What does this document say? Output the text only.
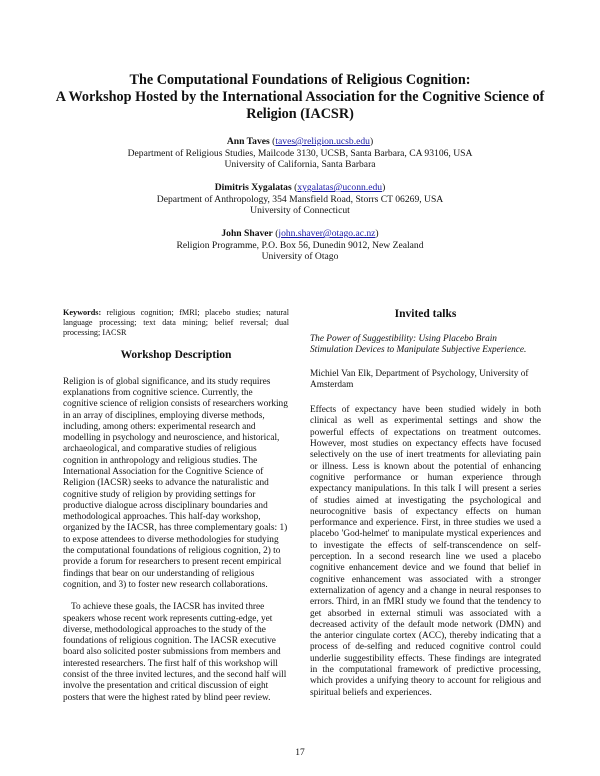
The Computational Foundations of Religious Cognition:
A Workshop Hosted by the International Association for the Cognitive Science of
Religion (IACSR)
Ann Taves (taves@religion.ucsb.edu)
Department of Religious Studies, Mailcode 3130, UCSB, Santa Barbara, CA 93106, USA
University of California, Santa Barbara
Dimitris Xygalatas (xygalatas@uconn.edu)
Department of Anthropology, 354 Mansfield Road, Storrs CT 06269, USA
University of Connecticut
John Shaver (john.shaver@otago.ac.nz)
Religion Programme, P.O. Box 56, Dunedin 9012, New Zealand
University of Otago
Keywords: religious cognition; fMRI; placebo studies; natural language processing; text data mining; belief reversal; dual processing; IACSR
Workshop Description

Religion is of global significance, and its study requires explanations from cognitive science. Currently, the cognitive science of religion consists of researchers working in an array of disciplines, employing diverse methods, including, among others: experimental research and modelling in psychology and neuroscience, and historical, archaeological, and comparative studies of religious cognition in anthropology and religious studies. The International Association for the Cognitive Science of Religion (IACSR) seeks to advance the naturalistic and cognitive study of religion by providing settings for productive dialogue across disciplinary boundaries and methodological approaches. This half-day workshop, organized by the IACSR, has three complementary goals: 1) to expose attendees to diverse methodologies for studying the computational foundations of religious cognition, 2) to provide a forum for researchers to present recent empirical findings that bear on our understanding of religious cognition, and 3) to foster new research collaborations.

To achieve these goals, the IACSR has invited three speakers whose recent work represents cutting-edge, yet diverse, methodological approaches to the study of the foundations of religious cognition. The IACSR executive board also solicited poster submissions from members and interested researchers. The first half of this workshop will consist of the three invited lectures, and the second half will involve the presentation and critical discussion of eight posters that were the highest rated by blind peer review.

Invited talks
The Power of Suggestibility: Using Placebo Brain Stimulation Devices to Manipulate Subjective Experience.

Michiel Van Elk, Department of Psychology, University of Amsterdam

Effects of expectancy have been studied widely in both clinical as well as experimental settings and show the powerful effects of expectations on treatment outcomes. However, most studies on expectancy effects have focused selectively on the use of inert treatments for alleviating pain or illness. Less is known about the potential of enhancing cognitive performance or human experience through expectancy manipulations. In this talk I will present a series of studies aimed at investigating the psychological and neurocognitive basis of expectancy effects on human performance and experience. First, in three studies we used a placebo 'God-helmet' to manipulate mystical experiences and to investigate the effects of self-transcendence on self-perception. In a second research line we used a placebo cognitive enhancement device and we found that belief in cognitive enhancement was associated with a stronger externalization of agency and a change in neural responses to errors. Third, in an fMRI study we found that the tendency to get absorbed in external stimuli was associated with a decreased activity of the default mode network (DMN) and the anterior cingulate cortex (ACC), thereby indicating that a process of de-selfing and reduced cognitive control could underlie suggestibility effects. These findings are integrated in the computational framework of predictive processing, which provides a unifying theory to account for religious and spiritual beliefs and experiences.

17
